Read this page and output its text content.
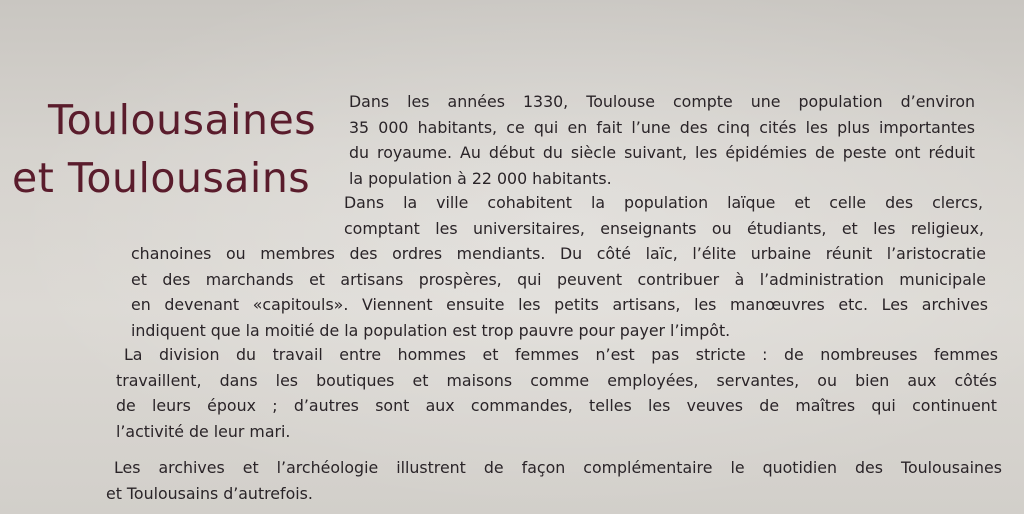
Toulousaines
et Toulousains

Dans les années 1330, Toulouse compte une population d’environ
35 000 habitants, ce qui en fait l’une des cinq cités les plus importantes
du royaume. Au début du siècle suivant, les épidémies de peste ont réduit
la population à 22 000 habitants.

Dans la ville cohabitent la population laïque et celle des clercs,
comptant les universitaires, enseignants ou étudiants, et les religieux,
chanoines ou membres des ordres mendiants. Du côté laïc, l’élite urbaine réunit l’aristocratie
et des marchands et artisans prospères, qui peuvent contribuer à l’administration municipale
en devenant «capitouls». Viennent ensuite les petits artisans, les manœuvres etc. Les archives
indiquent que la moitié de la population est trop pauvre pour payer l’impôt.

La division du travail entre hommes et femmes n’est pas stricte : de nombreuses femmes
travaillent, dans les boutiques et maisons comme employées, servantes, ou bien aux côtés
de leurs époux ; d’autres sont aux commandes, telles les veuves de maîtres qui continuent
l’activité de leur mari.

Les archives et l’archéologie illustrent de façon complémentaire le quotidien des Toulousaines
et Toulousains d’autrefois.
